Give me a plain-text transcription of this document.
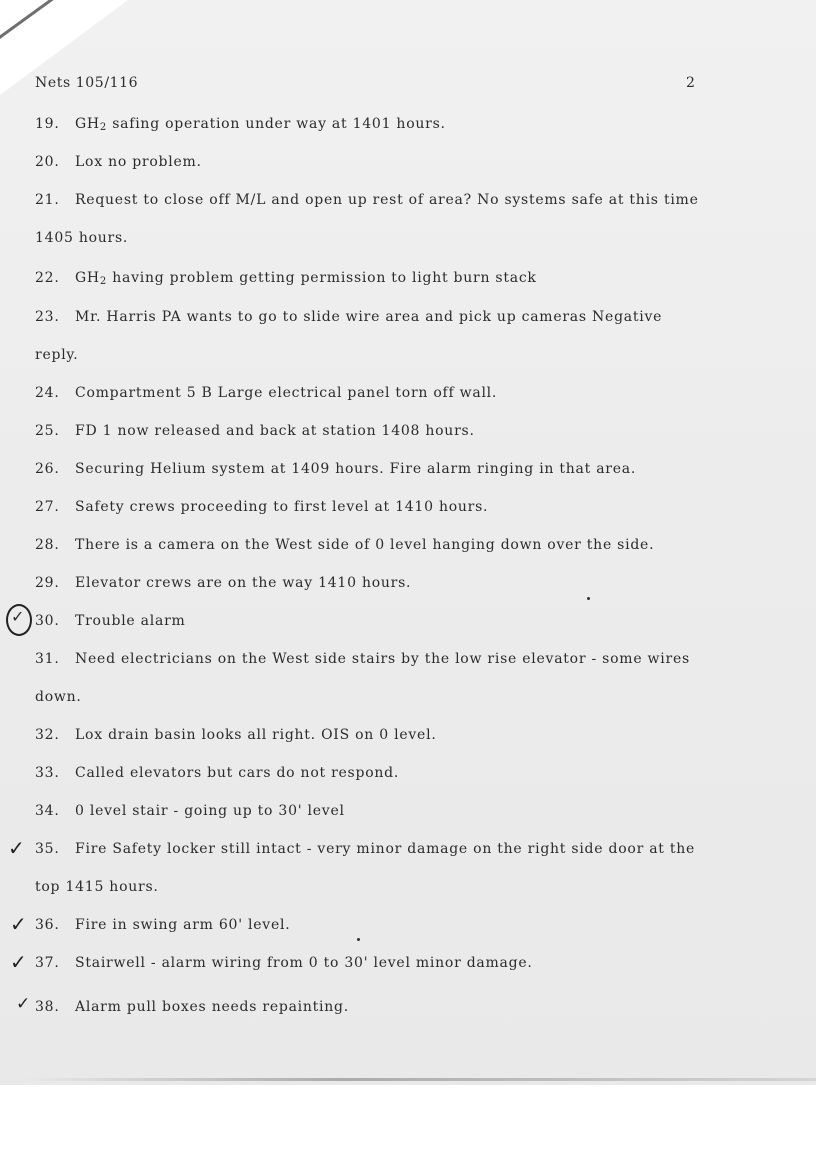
Nets 105/116	2
19. $GH_2$ safing operation under way at 1401 hours.
20. Lox no problem.
21. Request to close off M/L and open up rest of area? No systems safe at this time
1405 hours.
22. $GH_2$ having problem getting permission to light burn stack
23. Mr. Harris PA wants to go to slide wire area and pick up cameras Negative
reply.
24. Compartment 5 B Large electrical panel torn off wall.
25. FD 1 now released and back at station 1408 hours.
26. Securing Helium system at 1409 hours. Fire alarm ringing in that area.
27. Safety crews proceeding to first level at 1410 hours.
28. There is a camera on the West side of 0 level hanging down over the side.
29. Elevator crews are on the way 1410 hours.
30. Trouble alarm
31. Need electricians on the West side stairs by the low rise elevator - some wires
down.
32. Lox drain basin looks all right. OIS on 0 level.
33. Called elevators but cars do not respond.
34. 0 level stair - going up to 30' level
35. Fire Safety locker still intact - very minor damage on the right side door at the
top 1415 hours.
36. Fire in swing arm 60' level.
37. Stairwell - alarm wiring from 0 to 30' level minor damage.
38. Alarm pull boxes needs repainting.
✓
✓
✓
✓
✓
